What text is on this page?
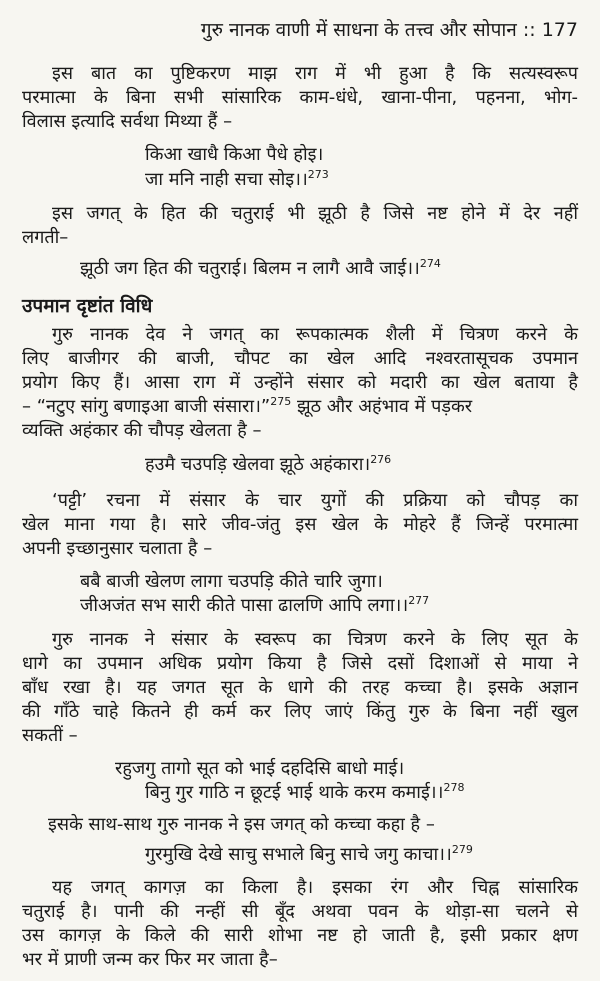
गुरु नानक वाणी में साधना के तत्त्व और सोपान :: 177
इस बात का पुष्टिकरण माझ राग में भी हुआ है कि सत्यस्वरूप
परमात्मा के बिना सभी सांसारिक काम-धंधे, खाना-पीना, पहनना, भोग-
विलास इत्यादि सर्वथा मिथ्या हैं –
किआ खाधै किआ पैधे होइ।
जा मनि नाही सचा सोइ।।$^{273}$
इस जगत् के हित की चतुराई भी झूठी है जिसे नष्ट होने में देर नहीं
लगती–
झूठी जग हित की चतुराई। बिलम न लागै आवै जाई।।$^{274}$
उपमान दृष्टांत विधि
गुरु नानक देव ने जगत् का रूपकात्मक शैली में चित्रण करने के
लिए बाजीगर की बाजी, चौपट का खेल आदि नश्वरतासूचक उपमान
प्रयोग किए हैं। आसा राग में उन्होंने संसार को मदारी का खेल बताया है
– “नटुए सांगु बणाइआ बाजी संसारा।”$^{275}$ झूठ और अहंभाव में पड़कर
व्यक्ति अहंकार की चौपड़ खेलता है –
हउमै चउपड़ि खेलवा झूठे अहंकारा।$^{276}$
‘पट्टी’ रचना में संसार के चार युगों की प्रक्रिया को चौपड़ का
खेल माना गया है। सारे जीव-जंतु इस खेल के मोहरे हैं जिन्हें परमात्मा
अपनी इच्छानुसार चलाता है –
बबै बाजी खेलण लागा चउपड़ि कीते चारि जुगा।
जीअजंत सभ सारी कीते पासा ढालणि आपि लगा।।$^{277}$
गुरु नानक ने संसार के स्वरूप का चित्रण करने के लिए सूत के
धागे का उपमान अधिक प्रयोग किया है जिसे दसों दिशाओं से माया ने
बाँध रखा है। यह जगत सूत के धागे की तरह कच्चा है। इसके अज्ञान
की गाँठे चाहे कितने ही कर्म कर लिए जाएं किंतु गुरु के बिना नहीं खुल
सकतीं –
रहुजगु तागो सूत को भाई दहदिसि बाधो माई।
बिनु गुर गाठि न छूटई भाई थाके करम कमाई।।$^{278}$
इसके साथ-साथ गुरु नानक ने इस जगत् को कच्चा कहा है –
गुरमुखि देखे साचु सभाले बिनु साचे जगु काचा।।$^{279}$
यह जगत् कागज़ का किला है। इसका रंग और चिह्न सांसारिक
चतुराई है। पानी की नन्हीं सी बूँद अथवा पवन के थोड़ा-सा चलने से
उस कागज़ के किले की सारी शोभा नष्ट हो जाती है, इसी प्रकार क्षण
भर में प्राणी जन्म कर फिर मर जाता है–
